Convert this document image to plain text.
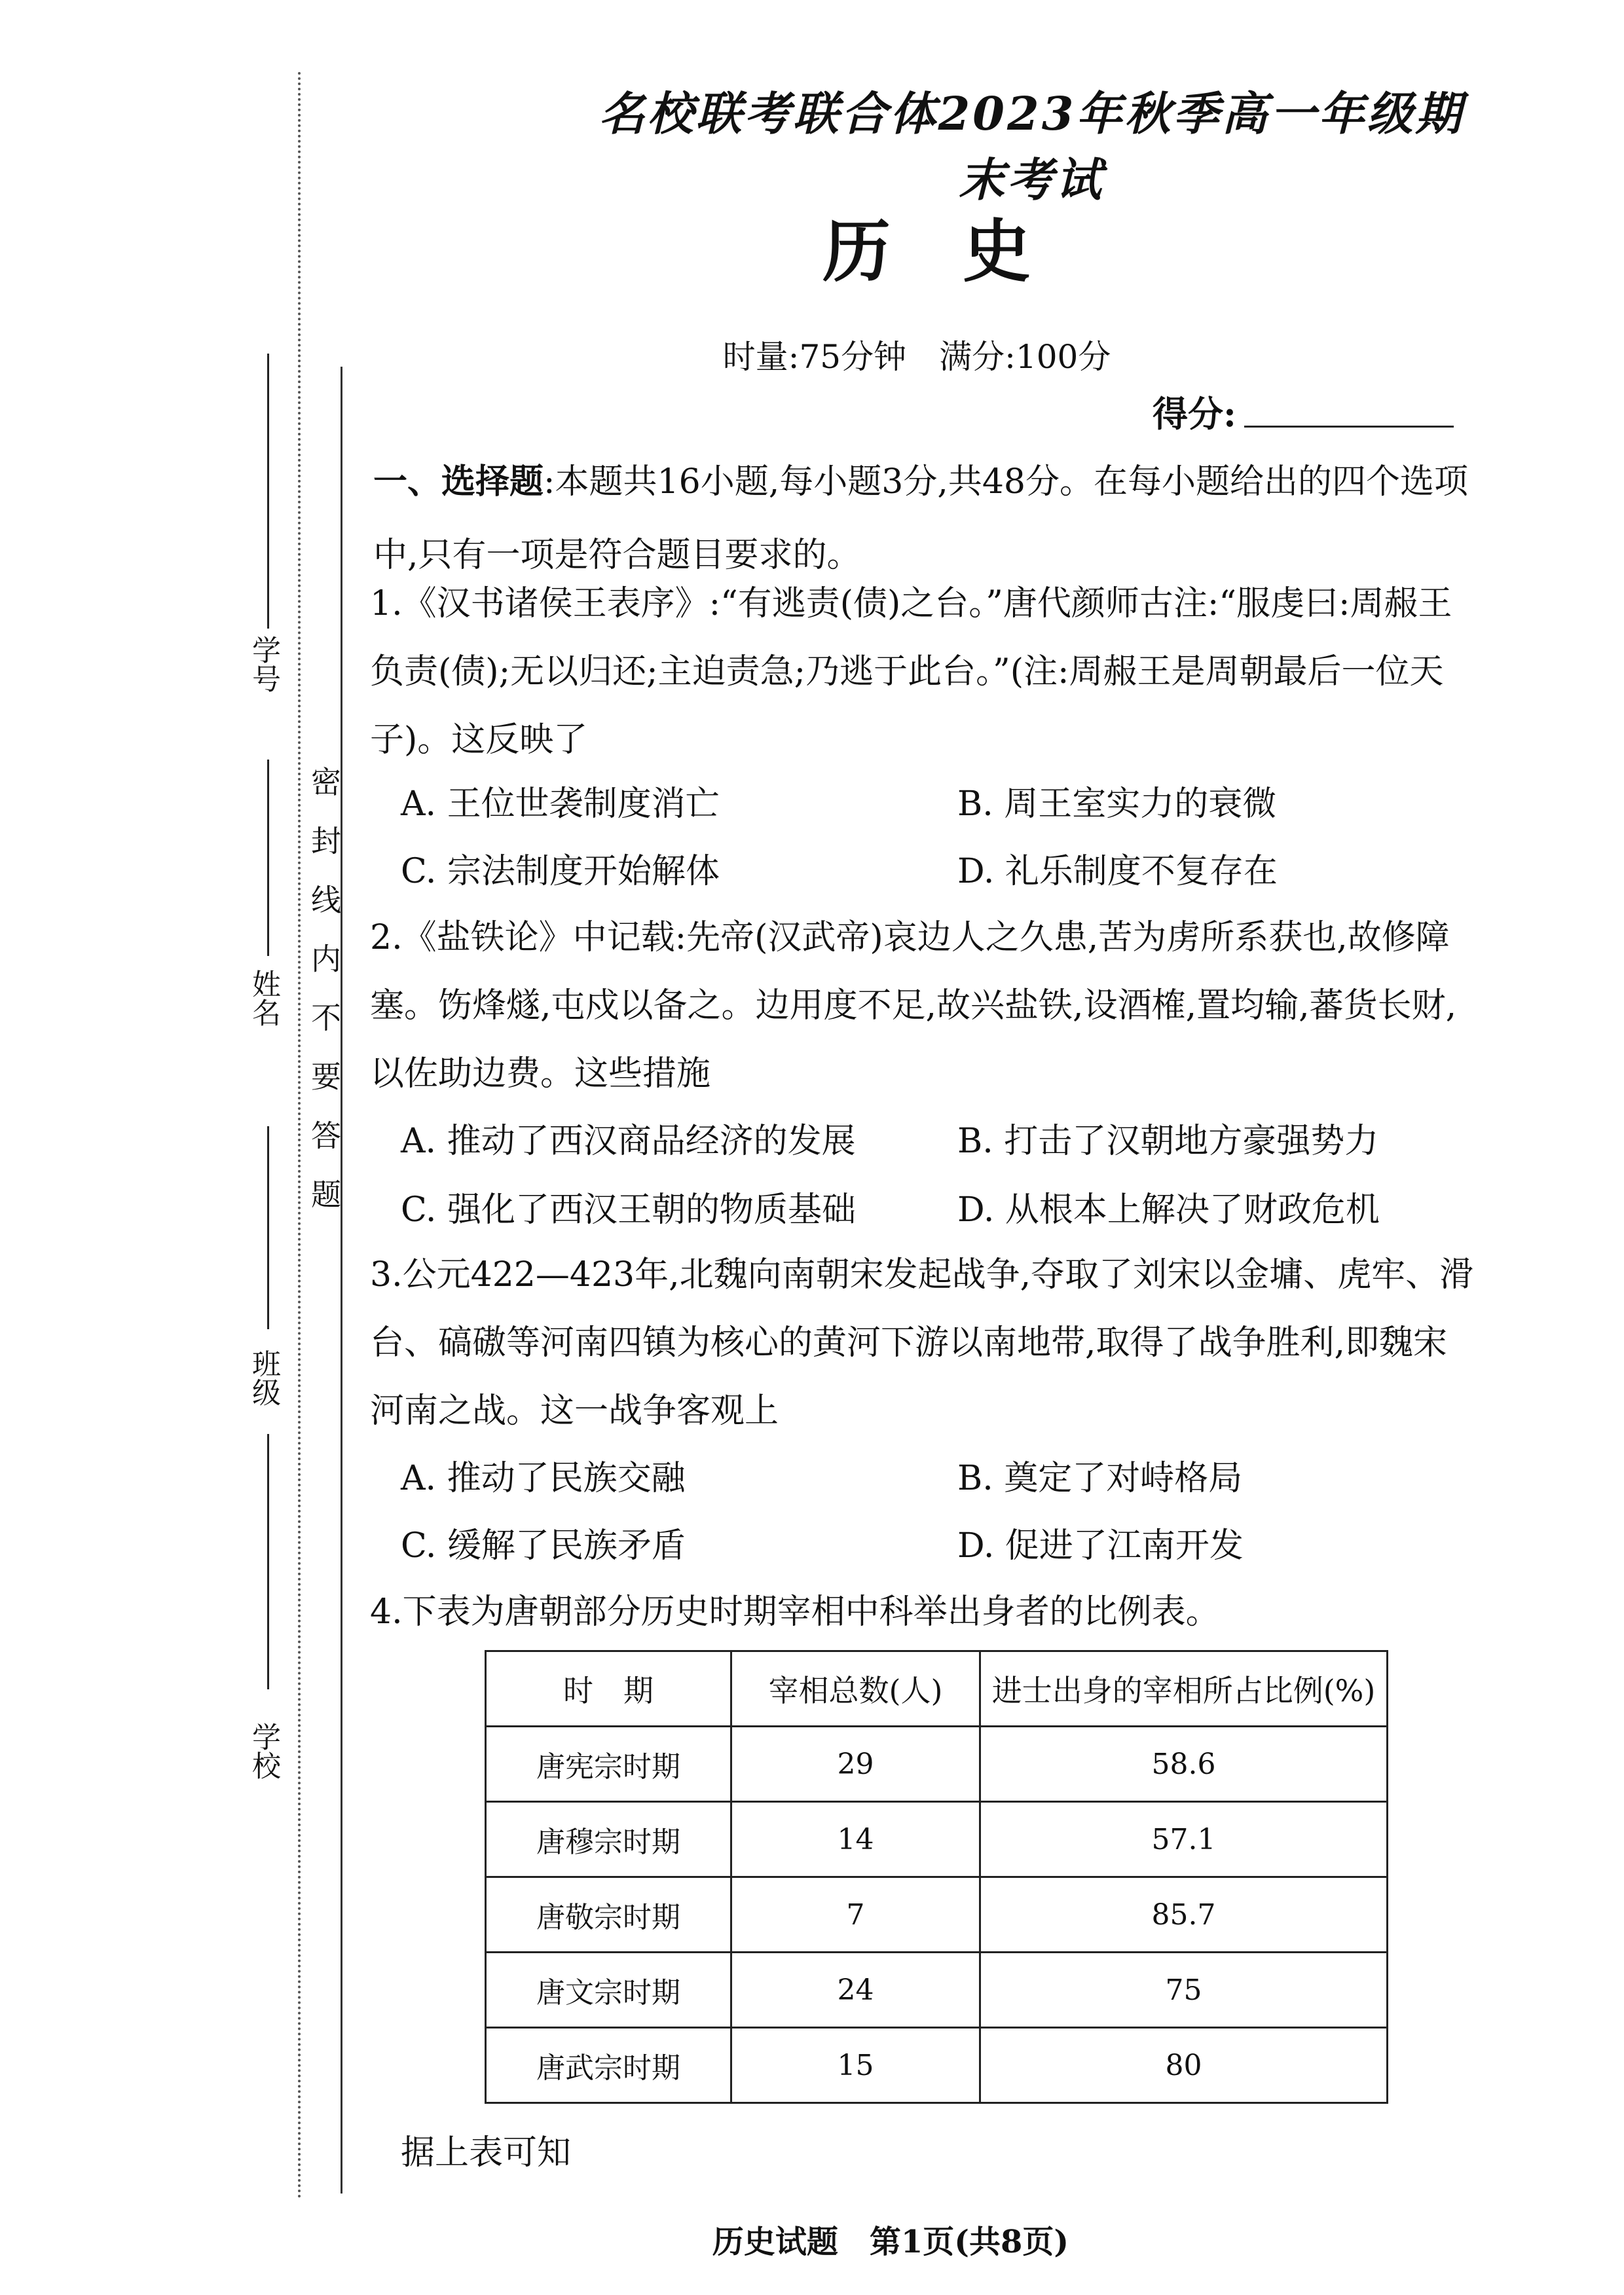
学号
姓名
班级
学校
密封线内不要答题
名校联考联合体2023年秋季高一年级期末考试
历史
时量:75分钟　满分:100分
得分:
一、选择题:本题共16小题,每小题3分,共48分。在每小题给出的四个选项中,只有一项是符合题目要求的。
1.《汉书诸侯王表序》:“有逃责(债)之台。”唐代颜师古注:“服虔曰:周赧王负责(债);无以归还;主迫责急;乃逃于此台。”(注:周赧王是周朝最后一位天子)。这反映了
A. 王位世袭制度消亡	B. 周王室实力的衰微
C. 宗法制度开始解体	D. 礼乐制度不复存在
2.《盐铁论》中记载:先帝(汉武帝)哀边人之久患,苦为虏所系获也,故修障塞。饬烽燧,屯戍以备之。边用度不足,故兴盐铁,设酒榷,置均输,蕃货长财,以佐助边费。这些措施
A. 推动了西汉商品经济的发展	B. 打击了汉朝地方豪强势力
C. 强化了西汉王朝的物质基础	D. 从根本上解决了财政危机
3.公元422—423年,北魏向南朝宋发起战争,夺取了刘宋以金墉、虎牢、滑台、碻磝等河南四镇为核心的黄河下游以南地带,取得了战争胜利,即魏宋河南之战。这一战争客观上
A. 推动了民族交融	B. 奠定了对峙格局
C. 缓解了民族矛盾	D. 促进了江南开发
4.下表为唐朝部分历史时期宰相中科举出身者的比例表。
时　期	宰相总数(人)	进士出身的宰相所占比例(%)
唐宪宗时期	29	58.6
唐穆宗时期	14	57.1
唐敬宗时期	7	85.7
唐文宗时期	24	75
唐武宗时期	15	80
据上表可知
历史试题　第1页(共8页)
